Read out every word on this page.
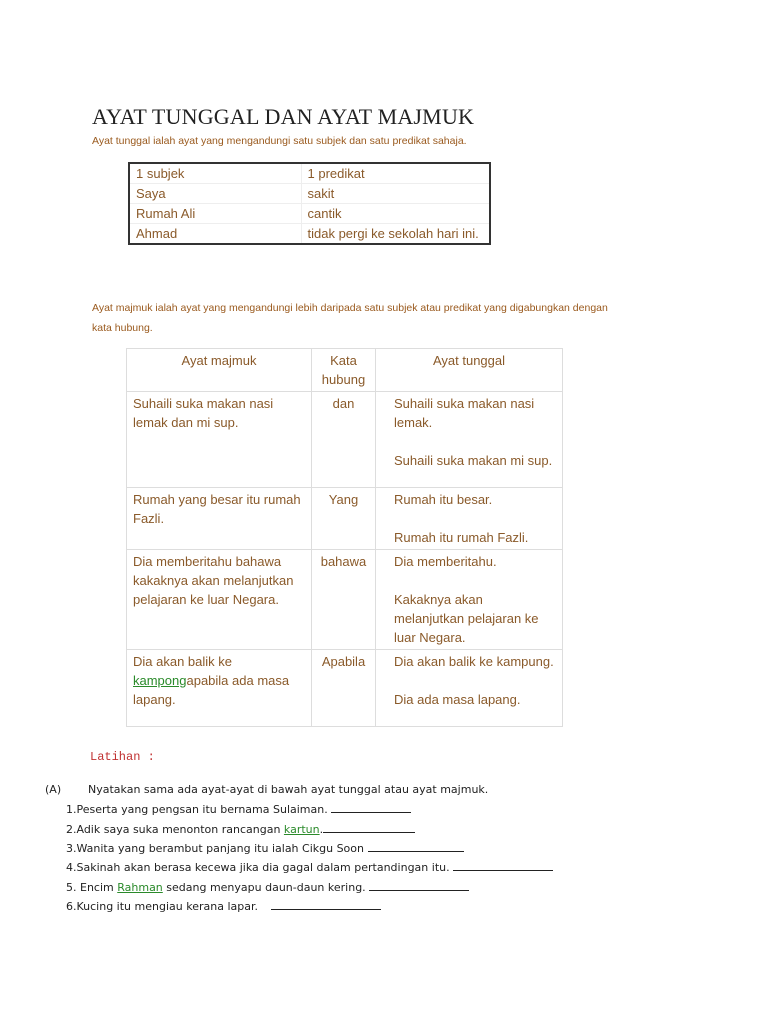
AYAT TUNGGAL DAN AYAT MAJMUK
Ayat tunggal ialah ayat yang mengandungi satu subjek dan satu predikat sahaja.
1 subjek	1 predikat
Saya	sakit
Rumah Ali	cantik
Ahmad	tidak pergi ke sekolah hari ini.
Ayat majmuk ialah ayat yang mengandungi lebih daripada satu subjek atau predikat yang digabungkan dengan
kata hubung.
Ayat majmuk	Kata hubung	Ayat tunggal
Suhaili suka makan nasi lemak dan mi sup.	dan	Suhaili suka makan nasi lemak.
Suhaili suka makan mi sup.

Rumah yang besar itu rumah Fazli.	Yang	Rumah itu besar.
Rumah itu rumah Fazli.

Dia memberitahu bahawa kakaknya akan melanjutkan pelajaran ke luar Negara.	bahawa	Dia memberitahu.
Kakaknya akan melanjutkan pelajaran ke luar Negara.

Dia akan balik ke kampongapabila ada masa lapang.	Apabila	Dia akan balik ke kampung.
Dia ada masa lapang.
Latihan :
(A) Nyatakan sama ada ayat-ayat di bawah ayat tunggal atau ayat majmuk.
1.Peserta yang pengsan itu bernama Sulaiman.
2.Adik saya suka menonton rancangan kartun.
3.Wanita yang berambut panjang itu ialah Cikgu Soon
4.Sakinah akan berasa kecewa jika dia gagal dalam pertandingan itu.
5. Encim Rahman sedang menyapu daun-daun kering.
6.Kucing itu mengiau kerana lapar.
